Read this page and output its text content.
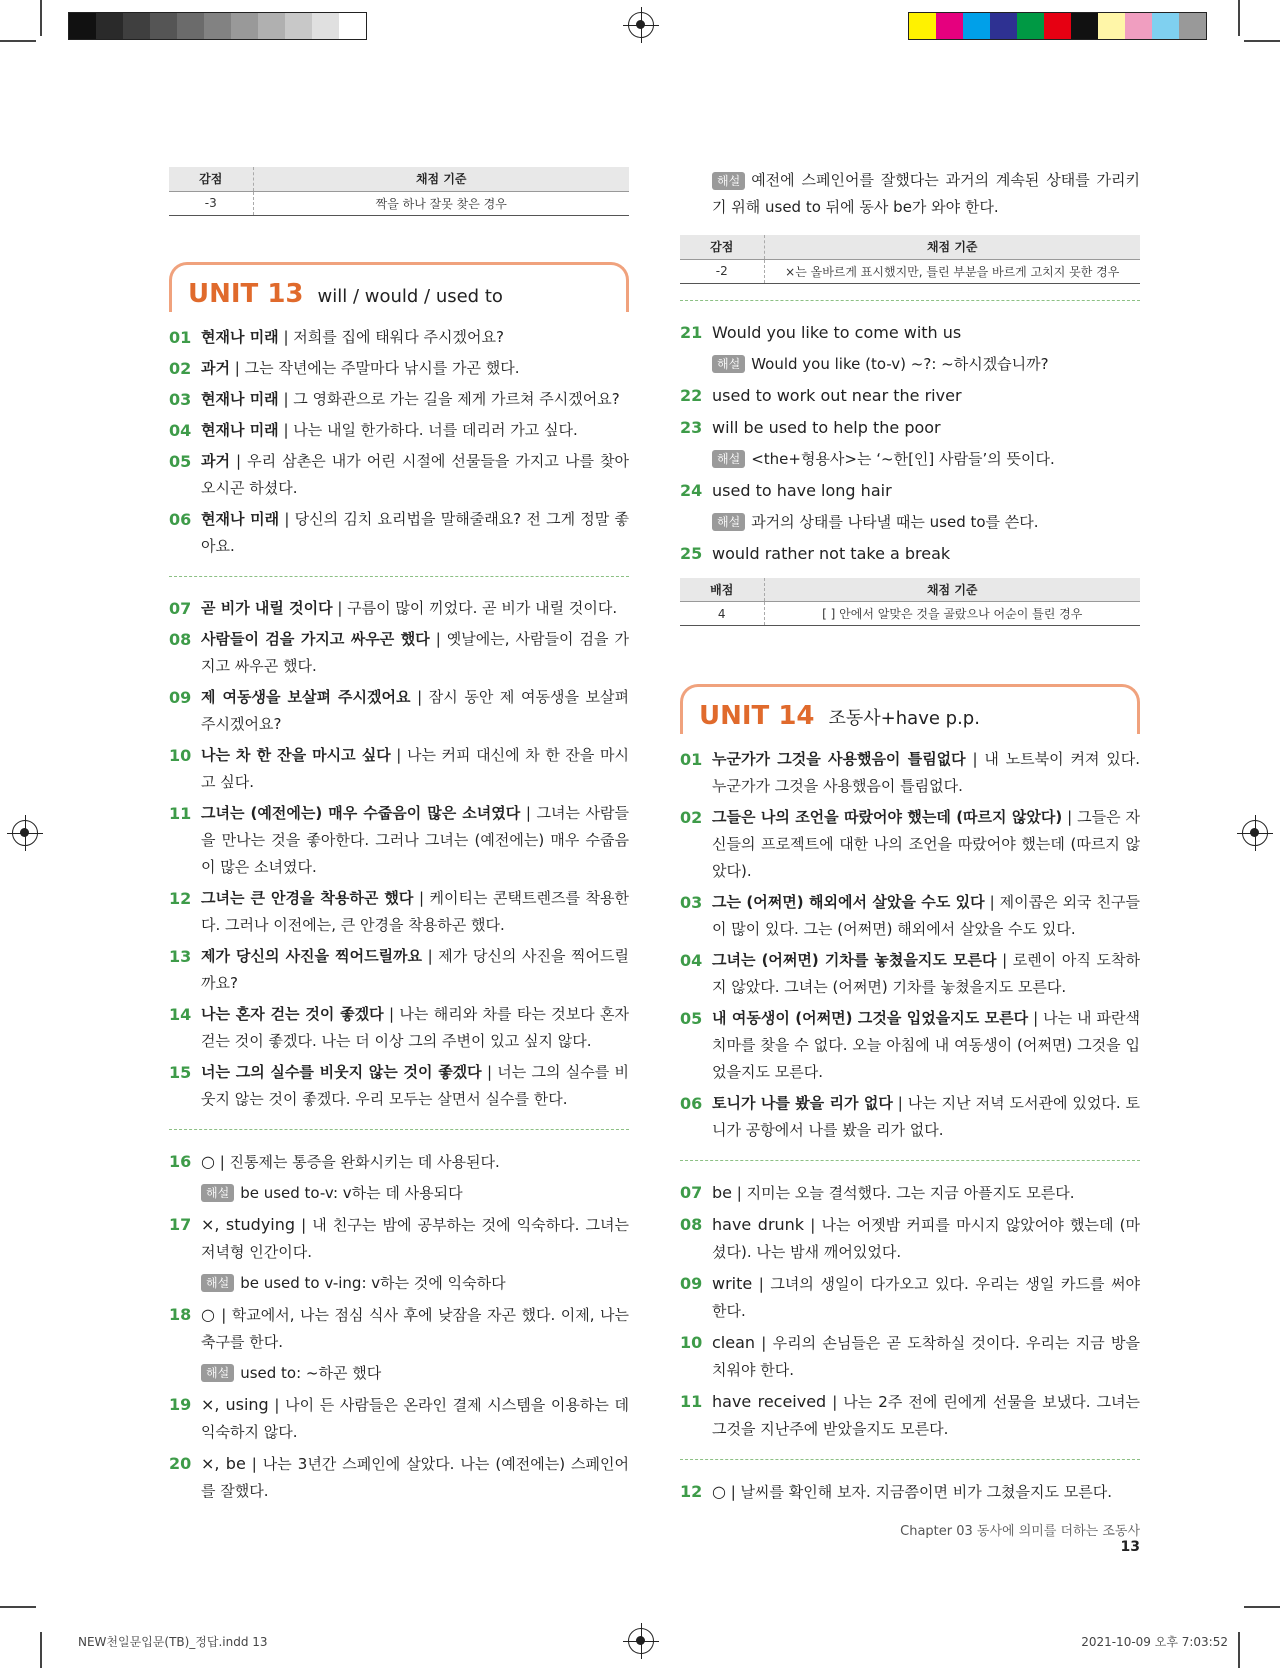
감점	채점 기준
-3	짝을 하나 잘못 찾은 경우
UNIT 13 will / would / used to
01 현재나 미래 | 저희를 집에 태워다 주시겠어요?
02 과거 | 그는 작년에는 주말마다 낚시를 가곤 했다.
03 현재나 미래 | 그 영화관으로 가는 길을 제게 가르쳐 주시겠어요?
04 현재나 미래 | 나는 내일 한가하다. 너를 데리러 가고 싶다.
05 과거 | 우리 삼촌은 내가 어린 시절에 선물들을 가지고 나를 찾아 오시곤 하셨다.
06 현재나 미래 | 당신의 김치 요리법을 말해줄래요? 전 그게 정말 좋아요.
07 곧 비가 내릴 것이다 | 구름이 많이 끼었다. 곧 비가 내릴 것이다.
08 사람들이 검을 가지고 싸우곤 했다 | 옛날에는, 사람들이 검을 가지고 싸우곤 했다.
09 제 여동생을 보살펴 주시겠어요 | 잠시 동안 제 여동생을 보살펴 주시겠어요?
10 나는 차 한 잔을 마시고 싶다 | 나는 커피 대신에 차 한 잔을 마시고 싶다.
11 그녀는 (예전에는) 매우 수줍음이 많은 소녀였다 | 그녀는 사람들을 만나는 것을 좋아한다. 그러나 그녀는 (예전에는) 매우 수줍음이 많은 소녀였다.
12 그녀는 큰 안경을 착용하곤 했다 | 케이티는 콘택트렌즈를 착용한다. 그러나 이전에는, 큰 안경을 착용하곤 했다.
13 제가 당신의 사진을 찍어드릴까요 | 제가 당신의 사진을 찍어드릴까요?
14 나는 혼자 걷는 것이 좋겠다 | 나는 해리와 차를 타는 것보다 혼자 걷는 것이 좋겠다. 나는 더 이상 그의 주변이 있고 싶지 않다.
15 너는 그의 실수를 비웃지 않는 것이 좋겠다 | 너는 그의 실수를 비웃지 않는 것이 좋겠다. 우리 모두는 살면서 실수를 한다.
16 ○ | 진통제는 통증을 완화시키는 데 사용된다.
해설 be used to-v: v하는 데 사용되다
17 ×, studying | 내 친구는 밤에 공부하는 것에 익숙하다. 그녀는 저녁형 인간이다.
해설 be used to v-ing: v하는 것에 익숙하다
18 ○ | 학교에서, 나는 점심 식사 후에 낮잠을 자곤 했다. 이제, 나는 축구를 한다.
해설 used to: ~하곤 했다
19 ×, using | 나이 든 사람들은 온라인 결제 시스템을 이용하는 데 익숙하지 않다.
20 ×, be | 나는 3년간 스페인에 살았다. 나는 (예전에는) 스페인어를 잘했다.
해설 예전에 스페인어를 잘했다는 과거의 계속된 상태를 가리키기 위해 used to 뒤에 동사 be가 와야 한다.
감점	채점 기준
-2	×는 올바르게 표시했지만, 틀린 부분을 바르게 고치지 못한 경우
21 Would you like to come with us
해설 Would you like (to-v) ~?: ~하시겠습니까?
22 used to work out near the river
23 will be used to help the poor
해설 <the+형용사>는 ‘~한[인] 사람들’의 뜻이다.
24 used to have long hair
해설 과거의 상태를 나타낼 때는 used to를 쓴다.
25 would rather not take a break
배점	채점 기준
4	[ ] 안에서 알맞은 것을 골랐으나 어순이 틀린 경우
UNIT 14 조동사+have p.p.
01 누군가가 그것을 사용했음이 틀림없다 | 내 노트북이 켜져 있다. 누군가가 그것을 사용했음이 틀림없다.
02 그들은 나의 조언을 따랐어야 했는데 (따르지 않았다) | 그들은 자신들의 프로젝트에 대한 나의 조언을 따랐어야 했는데 (따르지 않았다).
03 그는 (어쩌면) 해외에서 살았을 수도 있다 | 제이콥은 외국 친구들이 많이 있다. 그는 (어쩌면) 해외에서 살았을 수도 있다.
04 그녀는 (어쩌면) 기차를 놓쳤을지도 모른다 | 로렌이 아직 도착하지 않았다. 그녀는 (어쩌면) 기차를 놓쳤을지도 모른다.
05 내 여동생이 (어쩌면) 그것을 입었을지도 모른다 | 나는 내 파란색 치마를 찾을 수 없다. 오늘 아침에 내 여동생이 (어쩌면) 그것을 입었을지도 모른다.
06 토니가 나를 봤을 리가 없다 | 나는 지난 저녁 도서관에 있었다. 토니가 공항에서 나를 봤을 리가 없다.
07 be | 지미는 오늘 결석했다. 그는 지금 아플지도 모른다.
08 have drunk | 나는 어젯밤 커피를 마시지 않았어야 했는데 (마셨다). 나는 밤새 깨어있었다.
09 write | 그녀의 생일이 다가오고 있다. 우리는 생일 카드를 써야 한다.
10 clean | 우리의 손님들은 곧 도착하실 것이다. 우리는 지금 방을 치워야 한다.
11 have received | 나는 2주 전에 린에게 선물을 보냈다. 그녀는 그것을 지난주에 받았을지도 모른다.
12 ○ | 날씨를 확인해 보자. 지금쯤이면 비가 그쳤을지도 모른다.
Chapter 03 동사에 의미를 더하는 조동사13
NEW천일문입문(TB)_정답.indd 13	2021-10-09 오후 7:03:52
